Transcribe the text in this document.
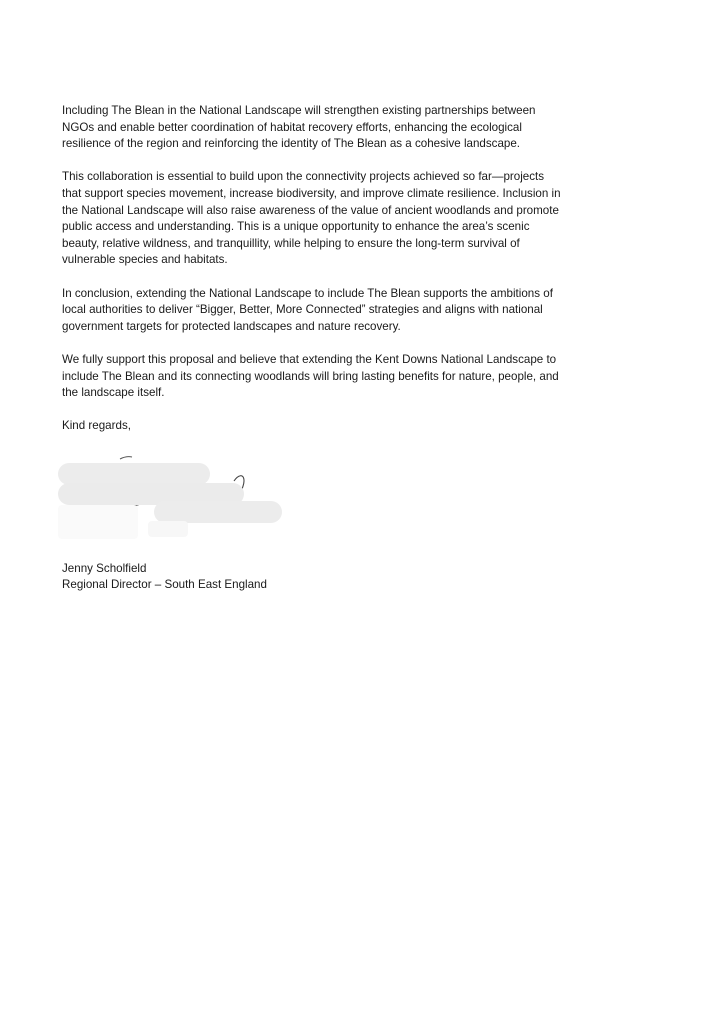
Including The Blean in the National Landscape will strengthen existing partnerships between NGOs and enable better coordination of habitat recovery efforts, enhancing the ecological resilience of the region and reinforcing the identity of The Blean as a cohesive landscape.

This collaboration is essential to build upon the connectivity projects achieved so far—projects that support species movement, increase biodiversity, and improve climate resilience. Inclusion in the National Landscape will also raise awareness of the value of ancient woodlands and promote public access and understanding. This is a unique opportunity to enhance the area’s scenic beauty, relative wildness, and tranquillity, while helping to ensure the long-term survival of vulnerable species and habitats.

In conclusion, extending the National Landscape to include The Blean supports the ambitions of local authorities to deliver “Bigger, Better, More Connected” strategies and aligns with national government targets for protected landscapes and nature recovery.

We fully support this proposal and believe that extending the Kent Downs National Landscape to include The Blean and its connecting woodlands will bring lasting benefits for nature, people, and the landscape itself.

Kind regards,

Jenny Scholfield

Regional Director – South East England
